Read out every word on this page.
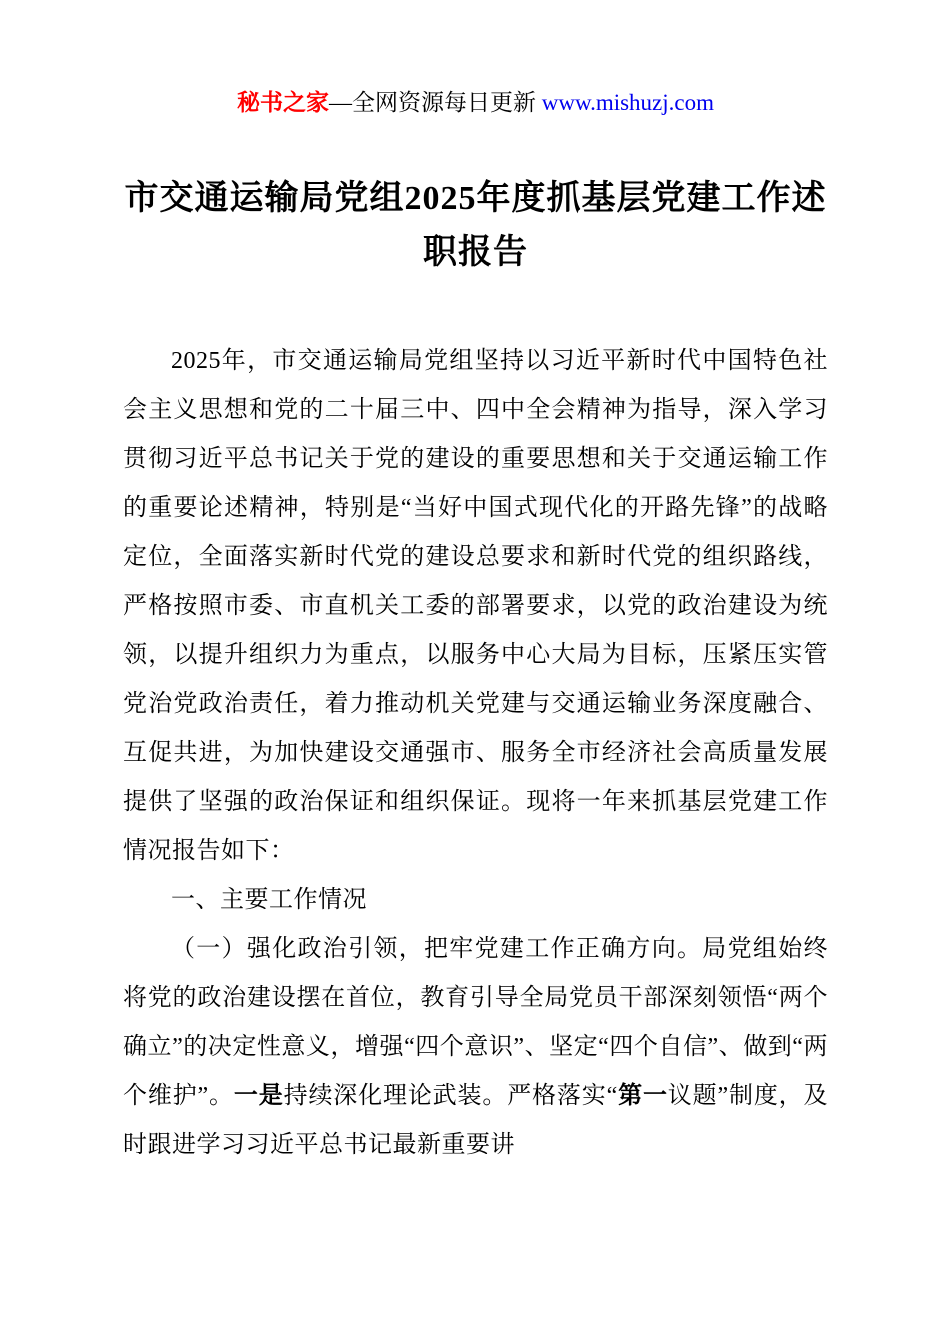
秘书之家—全网资源每日更新 www.mishuzj.com
市交通运输局党组2025年度抓基层党建工作述职报告

2025年，市交通运输局党组坚持以习近平新时代中国特色社会主义思想和党的二十届三中、四中全会精神为指导，深入学习贯彻习近平总书记关于党的建设的重要思想和关于交通运输工作的重要论述精神，特别是“当好中国式现代化的开路先锋”的战略定位，全面落实新时代党的建设总要求和新时代党的组织路线，严格按照市委、市直机关工委的部署要求，以党的政治建设为统领，以提升组织力为重点，以服务中心大局为目标，压紧压实管党治党政治责任，着力推动机关党建与交通运输业务深度融合、互促共进，为加快建设交通强市、服务全市经济社会高质量发展提供了坚强的政治保证和组织保证。现将一年来抓基层党建工作情况报告如下：

一、主要工作情况

（一）强化政治引领，把牢党建工作正确方向。局党组始终将党的政治建设摆在首位，教育引导全局党员干部深刻领悟“两个确立”的决定性意义，增强“四个意识”、坚定“四个自信”、做到“两个维护”。一是持续深化理论武装。严格落实“第一议题”制度，及时跟进学习习近平总书记最新重要讲
